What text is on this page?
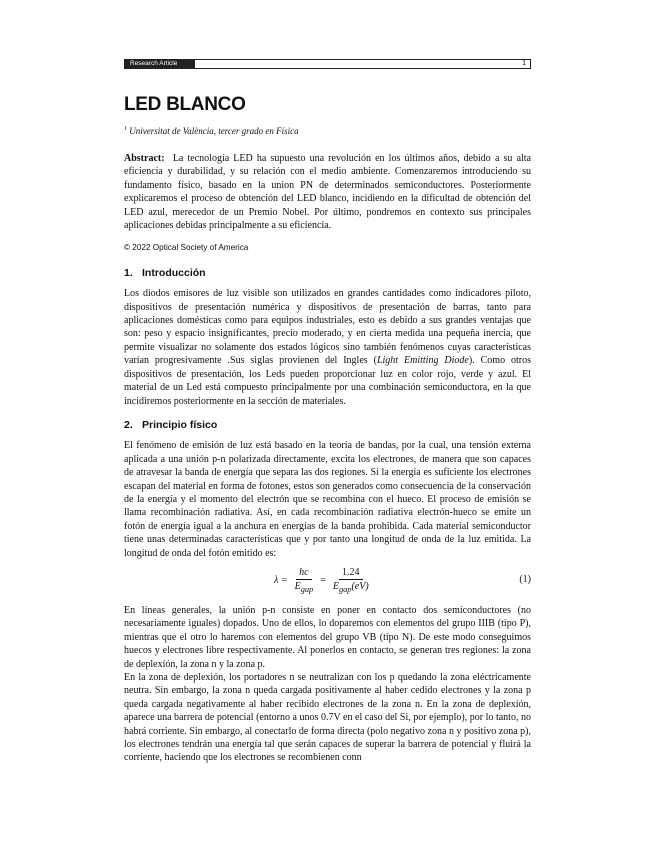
Research Article	1
LED BLANCO
$^1$ Universitat de València, tercer grado en Física

Abstract: La tecnología LED ha supuesto una revolución en los últimos años, debido a su alta eficiencia y durabilidad, y su relación con el medio ambiente. Comenzaremos introduciendo su fundamento físico, basado en la union PN de determinados semiconductores. Posteriormente explicaremos el proceso de obtención del LED blanco, incidiendo en la dificultad de obtención del LED azul, merecedor de un Premio Nobel. Por último, pondremos en contexto sus principales aplicaciones debidas principalmente a su eficiencia.

© 2022 Optical Society of America

1. Introducción

Los diodos emisores de luz visible son utilizados en grandes cantidades como indicadores piloto, dispositivos de presentación numérica y dispositivos de presentación de barras, tanto para aplicaciones domésticas como para equipos industriales, esto es debido a sus grandes ventajas que son: peso y espacio insignificantes, precio moderado, y en cierta medida una pequeña inercia, que permite visualizar no solamente dos estados lógicos sino también fenómenos cuyas características varían progresivamente .Sus siglas provienen del Ingles (Light Emitting Diode). Como otros dispositivos de presentación, los Leds pueden proporcionar luz en color rojo, verde y azul. El material de un Led está compuesto principalmente por una combinación semiconductora, en la que incidiremos posteriormente en la sección de materiales.

2. Principio físico

El fenómeno de emisión de luz está basado en la teoría de bandas, por la cual, una tensión externa aplicada a una unión p-n polarizada directamente, excita los electrones, de manera que son capaces de atravesar la banda de energía que separa las dos regiones. Si la energía es suficiente los electrones escapan del material en forma de fotones, estos son generados como consecuencia de la conservación de la energía y el momento del electrón que se recombina con el hueco. El proceso de emisión se llama recombinación radiativa. Así, en cada recombinación radiativa electrón-hueco se emite un fotón de energía igual a la anchura en energías de la banda prohibida. Cada material semiconductor tiene unas determinadas características que y por tanto una longitud de onda de la luz emitida. La longitud de onda del fotón emitido es:

$\lambda = \frac{hc}{E_{gap}} = \frac{1.24}{E_{gap}(eV)}$	(1)

En líneas generales, la unión p-n consiste en poner en contacto dos semiconductores (no necesariamente iguales) dopados. Uno de ellos, lo doparemos con elementos del grupo IIIB (tipo P), mientras que el otro lo haremos con elementos del grupo VB (tipo N). De este modo conseguimos huecos y electrones libre respectivamente. Al ponerlos en contacto, se generan tres regiones: la zona de deplexión, la zona n y la zona p.

En la zona de deplexión, los portadores n se neutralizan con los p quedando la zona eléctricamente neutra. Sin embargo, la zona n queda cargada positivamente al haber cedido electrones y la zona p queda cargada negativamente al haber recibido electrones de la zona n. En la zona de deplexión, aparece una barrera de potencial (entorno a unos 0.7V en el caso del Si, por ejemplo), por lo tanto, no habrá corriente. Sin embargo, al conectarlo de forma directa (polo negativo zona n y positivo zona p), los electrones tendrán una energía tal que serán capaces de superar la barrera de potencial y fluirá la corriente, haciendo que los electrones se recombienen conn
